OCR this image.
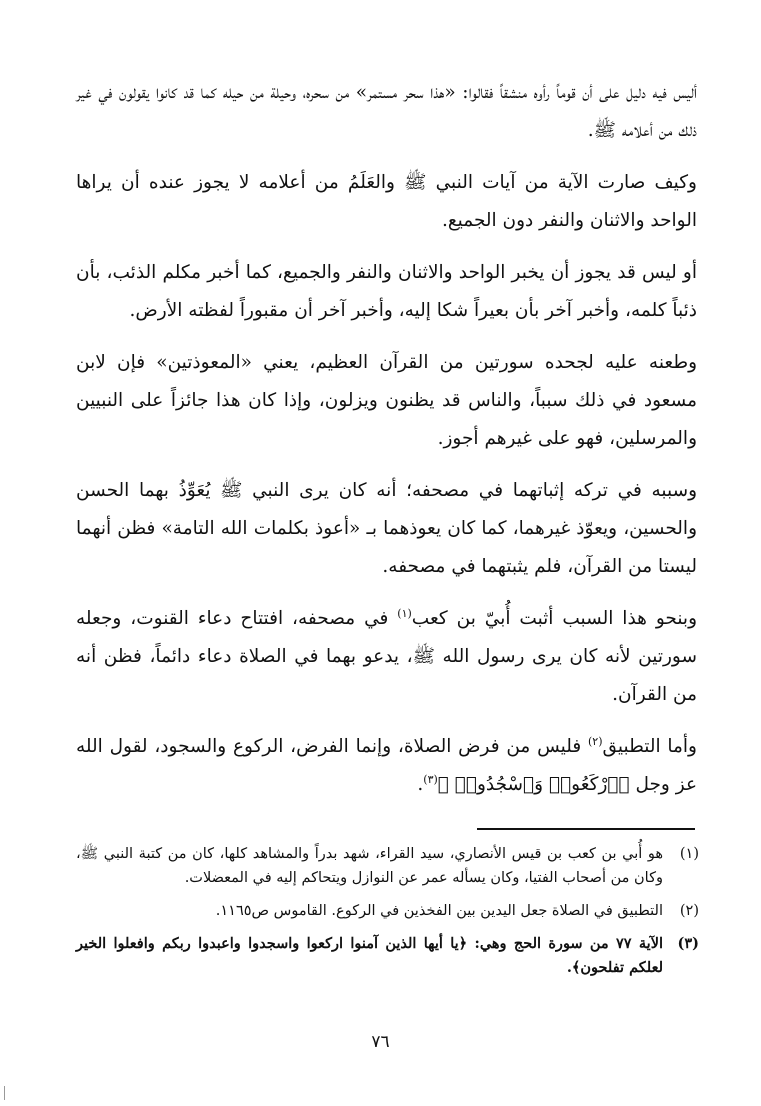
أليس فيه دليل على أن قوماً رأوه منشقاً فقالوا: «هذا سحر مستمر» من سحره، وحيلة من حيله كما قد كانوا يقولون في غير ذلك من أعلامه ﷺ.

وكيف صارت الآية من آيات النبي ﷺ والعَلَمُ من أعلامه لا يجوز عنده أن يراها الواحد والاثنان والنفر دون الجميع.

أو ليس قد يجوز أن يخبر الواحد والاثنان والنفر والجميع، كما أخبر مكلم الذئب، بأن ذئباً كلمه، وأخبر آخر بأن بعيراً شكا إليه، وأخبر آخر أن مقبوراً لفظته الأرض.

وطعنه عليه لجحده سورتين من القرآن العظيم، يعني «المعوذتين» فإن لابن مسعود في ذلك سبباً، والناس قد يظنون ويزلون، وإذا كان هذا جائزاً على النبيين والمرسلين، فهو على غيرهم أجوز.

وسببه في تركه إثباتهما في مصحفه؛ أنه كان يرى النبي ﷺ يُعَوِّذُ بهما الحسن والحسين، ويعوّذ غيرهما، كما كان يعوذهما بـ «أعوذ بكلمات الله التامة» فظن أنهما ليستا من القرآن، فلم يثبتهما في مصحفه.

وبنحو هذا السبب أثبت أُبيّ بن كعب$^{(١)}$ في مصحفه، افتتاح دعاء القنوت، وجعله سورتين لأنه كان يرى رسول الله ﷺ، يدعو بهما في الصلاة دعاء دائماً، فظن أنه من القرآن.

وأما التطبيق$^{(٢)}$ فليس من فرض الصلاة، وإنما الفرض، الركوع والسجود، لقول الله عز وجل ﴿ٱرْكَعُوا۟ وَٱسْجُدُوا۟ ﴾$^{(٣)}$.

(١)
هو أُبي بن كعب بن قيس الأنصاري، سيد القراء، شهد بدراً والمشاهد كلها، كان من كتبة النبي ﷺ، وكان من أصحاب الفتيا، وكان يسأله عمر عن النوازل ويتحاكم إليه في المعضلات.
(٢)
التطبيق في الصلاة جعل اليدين بين الفخذين في الركوع. القاموس ص١١٦٥.
(٣)
الآية ٧٧ من سورة الحج وهي: ﴿يا أيها الذين آمنوا اركعوا واسجدوا واعبدوا ربكم وافعلوا الخير لعلكم تفلحون﴾.
٧٦
